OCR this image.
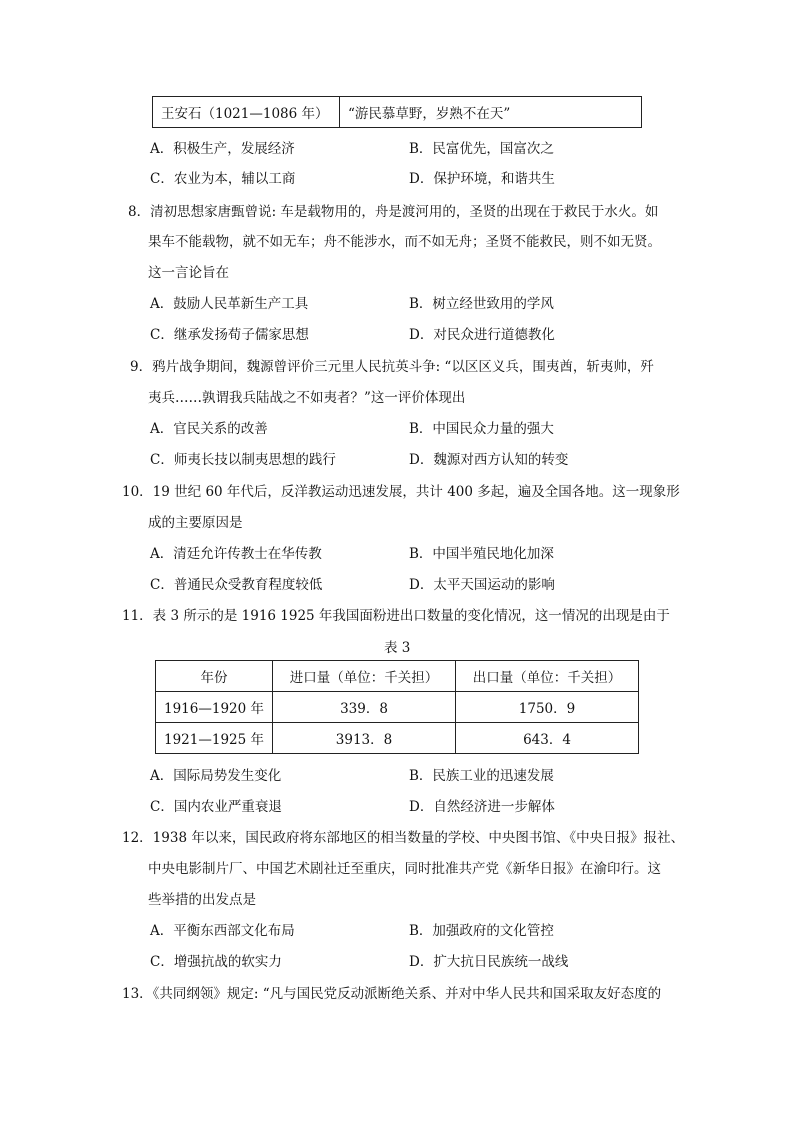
王安石（1021—1086 年）	“游民慕草野，岁熟不在天”
A．积极生产，发展经济	B．民富优先，国富次之
C．农业为本，辅以工商	D．保护环境，和谐共生
8．清初思想家唐甄曾说: 车是载物用的，舟是渡河用的，圣贤的出现在于救民于水火。如
果车不能载物，就不如无车；舟不能涉水，而不如无舟；圣贤不能救民，则不如无贤。
这一言论旨在
A．鼓励人民革新生产工具	B．树立经世致用的学风
C．继承发扬荀子儒家思想	D．对民众进行道德教化
9．鸦片战争期间，魏源曾评价三元里人民抗英斗争: “以区区义兵，围夷酋，斩夷帅，歼
夷兵……孰谓我兵陆战之不如夷者？”这一评价体现出
A．官民关系的改善	B．中国民众力量的强大
C．师夷长技以制夷思想的践行	D．魏源对西方认知的转变
10．19 世纪 60 年代后，反洋教运动迅速发展，共计 400 多起，遍及全国各地。这一现象形
成的主要原因是
A．清廷允许传教士在华传教	B．中国半殖民地化加深
C．普通民众受教育程度较低	D．太平天国运动的影响
11．表 3 所示的是 1916 1925 年我国面粉进出口数量的变化情况，这一情况的出现是由于
表 3
年份	进口量（单位：千关担）	出口量（单位：千关担）
1916—1920 年	339．8	1750．9
1921—1925 年	3913．8	643．4
A．国际局势发生变化	B．民族工业的迅速发展
C．国内农业严重衰退	D．自然经济进一步解体
12．1938 年以来，国民政府将东部地区的相当数量的学校、中央图书馆、《中央日报》报社、
中央电影制片厂、中国艺术剧社迁至重庆，同时批准共产党《新华日报》在渝印行。这
些举措的出发点是
A．平衡东西部文化布局	B．加强政府的文化管控
C．增强抗战的软实力	D．扩大抗日民族统一战线
13．《共同纲领》规定: “凡与国民党反动派断绝关系、并对中华人民共和国采取友好态度的
